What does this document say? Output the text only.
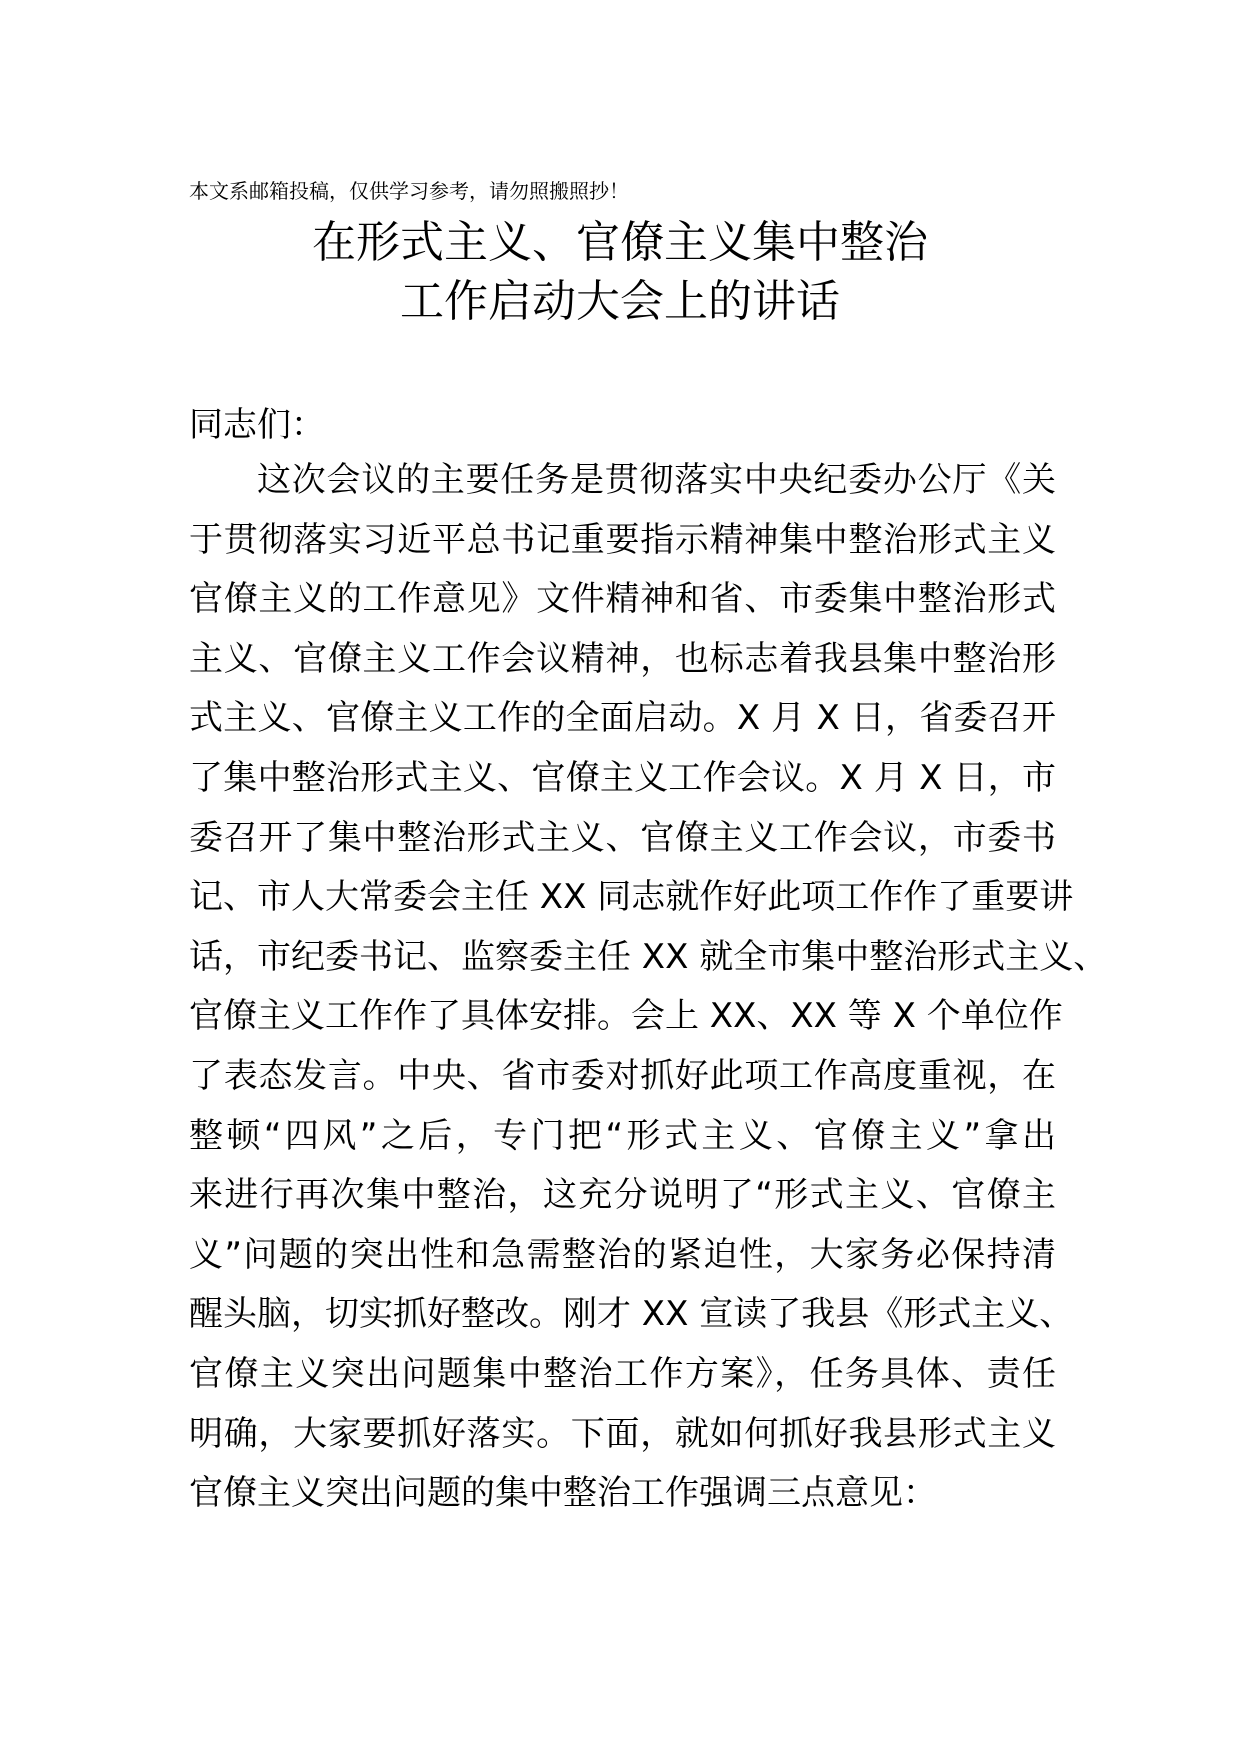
本文系邮箱投稿，仅供学习参考，请勿照搬照抄！
在形式主义、官僚主义集中整治
工作启动大会上的讲话
同志们：
这次会议的主要任务是贯彻落实中央纪委办公厅《关
于贯彻落实习近平总书记重要指示精神集中整治形式主义
官僚主义的工作意见》文件精神和省、市委集中整治形式
主义、官僚主义工作会议精神，也标志着我县集中整治形
式主义、官僚主义工作的全面启动。X 月 X 日，省委召开
了集中整治形式主义、官僚主义工作会议。X 月 X 日，市
委召开了集中整治形式主义、官僚主义工作会议，市委书
记、市人大常委会主任 XX 同志就作好此项工作作了重要讲
话，市纪委书记、监察委主任 XX 就全市集中整治形式主义、
官僚主义工作作了具体安排。会上 XX、XX 等 X 个单位作
了表态发言。中央、省市委对抓好此项工作高度重视，在
整顿“四风”之后，专门把“形式主义、官僚主义”拿出
来进行再次集中整治，这充分说明了“形式主义、官僚主
义”问题的突出性和急需整治的紧迫性，大家务必保持清
醒头脑，切实抓好整改。刚才 XX 宣读了我县《形式主义、
官僚主义突出问题集中整治工作方案》，任务具体、责任
明确，大家要抓好落实。下面，就如何抓好我县形式主义
官僚主义突出问题的集中整治工作强调三点意见：
